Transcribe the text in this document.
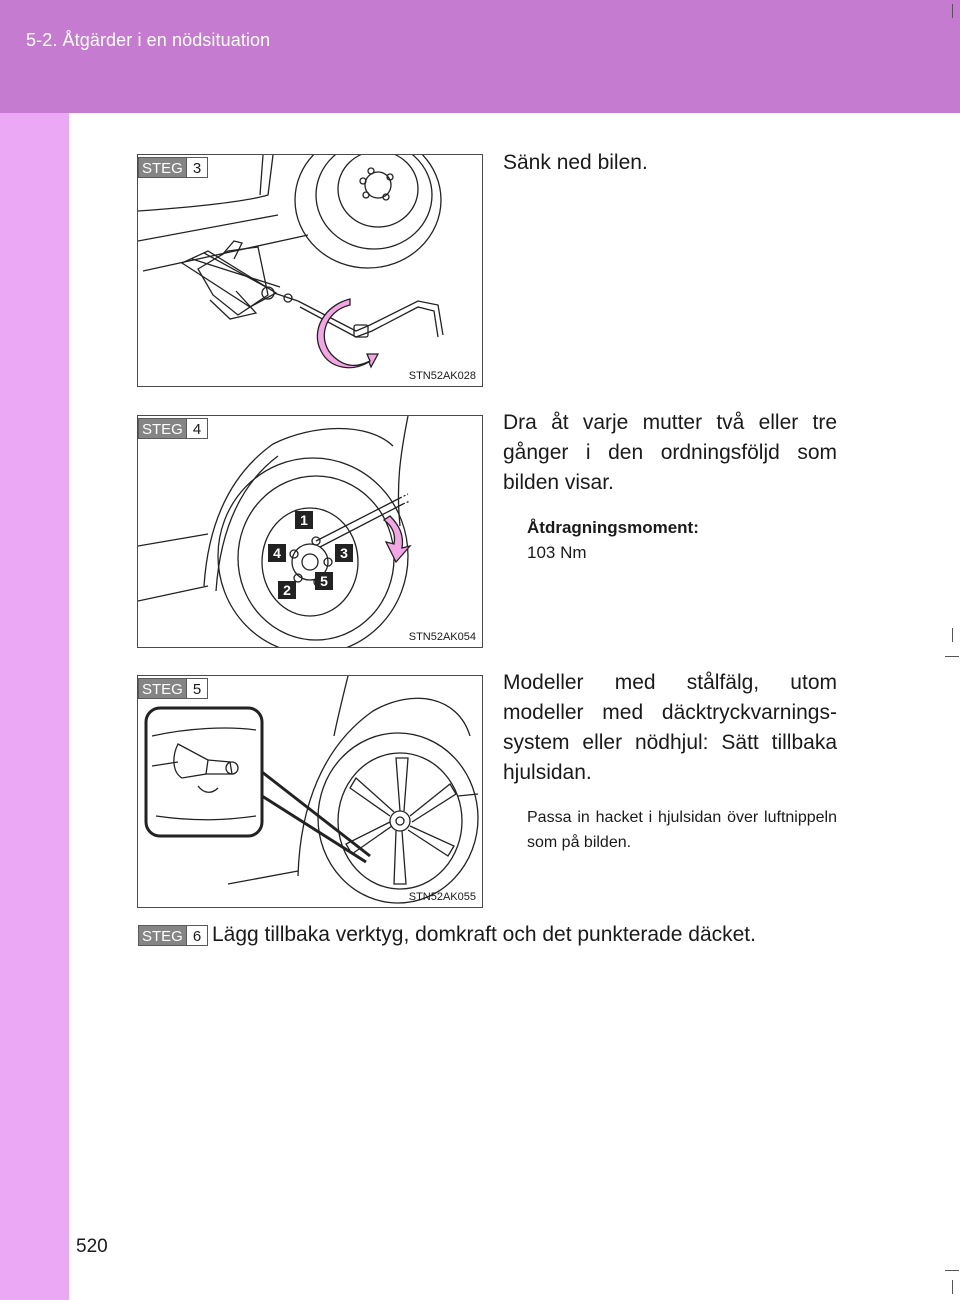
5-2. Åtgärder i en nödsituation
STEG 3
STN52AK028
Sänk ned bilen.
STEG 4
1
2
3
4
5
STN52AK054
Dra åt varje mutter två eller tre gånger i den ordningsföljd som bilden visar.
Åtdragningsmoment:
103 Nm
STEG 5
STN52AK055
Modeller med stålfälg, utom modeller med däcktryckvarningssystem eller nödhjul: Sätt tillbaka hjulsidan.
Passa in hacket i hjulsidan över luftnippeln som på bilden.
STEG 6 Lägg tillbaka verktyg, domkraft och det punkterade däcket.
520
